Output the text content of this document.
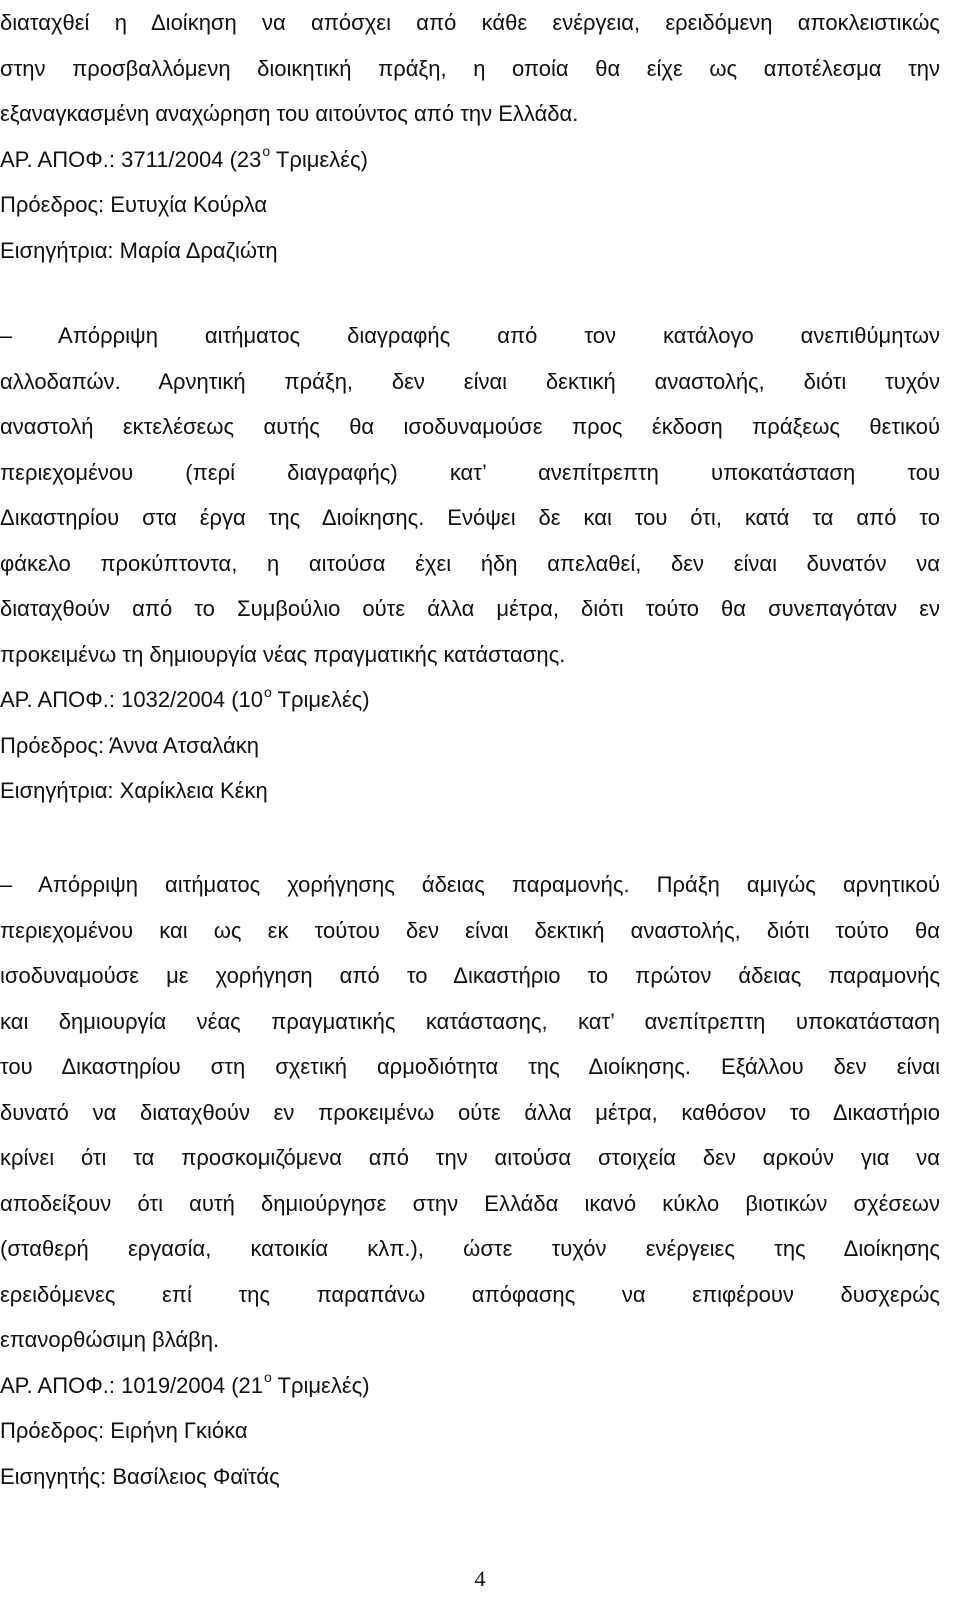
διαταχθεί η Διοίκηση να απόσχει από κάθε ενέργεια, ερειδόμενη αποκλειστικώς
στην προσβαλλόμενη διοικητική πράξη, η οποία θα είχε ως αποτέλεσμα την
εξαναγκασμένη αναχώρηση του αιτούντος από την Ελλάδα.
ΑΡ. ΑΠΟΦ.: 3711/2004 ($23^o$ Τριμελές)
Πρόεδρος: Ευτυχία Κούρλα
Εισηγήτρια: Μαρία Δραζιώτη
– Απόρριψη αιτήματος διαγραφής από τον κατάλογο ανεπιθύμητων
αλλοδαπών. Αρνητική πράξη, δεν είναι δεκτική αναστολής, διότι τυχόν
αναστολή εκτελέσεως αυτής θα ισοδυναμούσε προς έκδοση πράξεως θετικού
περιεχομένου (περί διαγραφής) κατ’ ανεπίτρεπτη υποκατάσταση του
Δικαστηρίου στα έργα της Διοίκησης. Ενόψει δε και του ότι, κατά τα από το
φάκελο προκύπτοντα, η αιτούσα έχει ήδη απελαθεί, δεν είναι δυνατόν να
διαταχθούν από το Συμβούλιο ούτε άλλα μέτρα, διότι τούτο θα συνεπαγόταν εν
προκειμένω τη δημιουργία νέας πραγματικής κατάστασης.
ΑΡ. ΑΠΟΦ.: 1032/2004 ($10^o$ Τριμελές)
Πρόεδρος: Άννα Ατσαλάκη
Εισηγήτρια: Χαρίκλεια Κέκη
– Απόρριψη αιτήματος χορήγησης άδειας παραμονής. Πράξη αμιγώς αρνητικού
περιεχομένου και ως εκ τούτου δεν είναι δεκτική αναστολής, διότι τούτο θα
ισοδυναμούσε με χορήγηση από το Δικαστήριο το πρώτον άδειας παραμονής
και δημιουργία νέας πραγματικής κατάστασης, κατ’ ανεπίτρεπτη υποκατάσταση
του Δικαστηρίου στη σχετική αρμοδιότητα της Διοίκησης. Εξάλλου δεν είναι
δυνατό να διαταχθούν εν προκειμένω ούτε άλλα μέτρα, καθόσον το Δικαστήριο
κρίνει ότι τα προσκομιζόμενα από την αιτούσα στοιχεία δεν αρκούν για να
αποδείξουν ότι αυτή δημιούργησε στην Ελλάδα ικανό κύκλο βιοτικών σχέσεων
(σταθερή εργασία, κατοικία κλπ.), ώστε τυχόν ενέργειες της Διοίκησης
ερειδόμενες επί της παραπάνω απόφασης να επιφέρουν δυσχερώς
επανορθώσιμη βλάβη.
ΑΡ. ΑΠΟΦ.: 1019/2004 ($21^o$ Τριμελές)
Πρόεδρος: Ειρήνη Γκιόκα
Εισηγητής: Βασίλειος Φαϊτάς
4
